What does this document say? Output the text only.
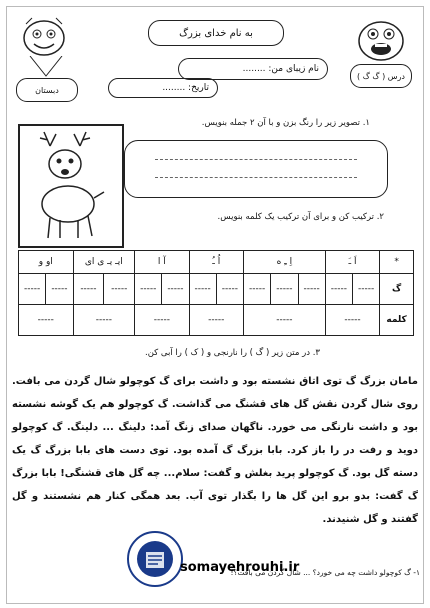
به نام خدای بزرگ
نام زیبای من: ........
تاریخ: ........
درس ( گ گ )
دبستان
۱. تصویر زیر را رنگ بزن و با آن ۲ جمله بنویس.
۲. ترکیب کن و برای آن ترکیب یک کلمه بنویس.
*	اَ ـَ		اِ ـِ ه			اُ ـُ		آ ا		ایـ یـ ی ای		او و	
گ	-----	-----	-----	-----	-----	-----	-----	-----	-----	-----	-----	-----	-----
کلمه	-----		-----			-----		-----		-----		-----	
۳. در متن زیر ( گ ) را نارنجی و ( ک ) را آبی کن.
مامان بزرگ گ توی اتاق نشسته بود و داشت برای گ کوچولو شال گردن می بافت. روی شال گردن نقش گل های قشنگ می گذاشت. گ کوچولو هم یک گوشه نشسته بود و داشت نارنگی می خورد. ناگهان صدای زنگ آمد: دلینگ ... دلینگ. گ کوچولو دوید و رفت در را باز کرد. بابا بزرگ گ آمده بود. توی دست های بابا بزرگ گ یک دسته گل بود. گ کوچولو پرید بغلش و گفت: سلام... چه گل های قشنگی! بابا بزرگ گ گفت: بدو برو این گل ها را بگذار توی آب. بعد همگی کنار هم نشستند و گل گفتند و گل شنیدند.
۱- گ کوچولو داشت چه می خورد؟ ... شال گردن می بافت؟!
somayehrouhi.ir
